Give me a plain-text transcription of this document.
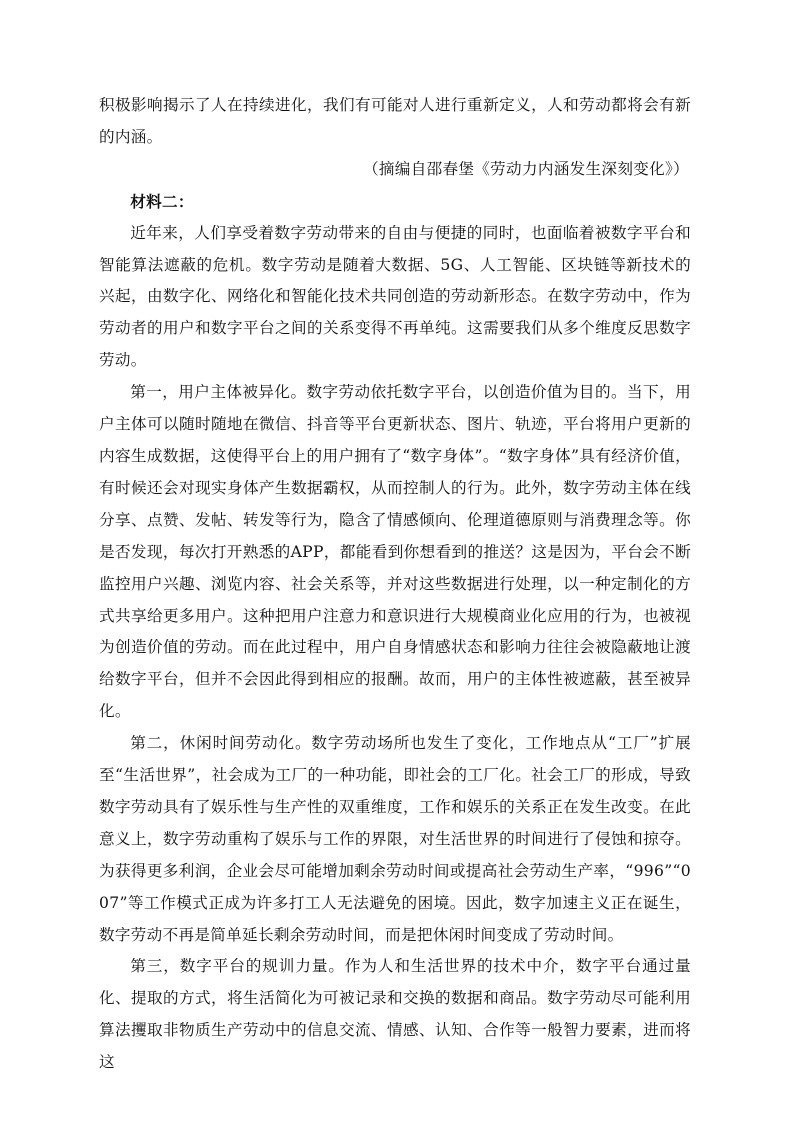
积极影响揭示了人在持续进化，我们有可能对人进行重新定义，人和劳动都将会有新的内涵。

（摘编自邵春堡《劳动力内涵发生深刻变化》）

材料二：

近年来，人们享受着数字劳动带来的自由与便捷的同时，也面临着被数字平台和智能算法遮蔽的危机。数字劳动是随着大数据、5G、人工智能、区块链等新技术的兴起，由数字化、网络化和智能化技术共同创造的劳动新形态。在数字劳动中，作为劳动者的用户和数字平台之间的关系变得不再单纯。这需要我们从多个维度反思数字劳动。

第一，用户主体被异化。数字劳动依托数字平台，以创造价值为目的。当下，用户主体可以随时随地在微信、抖音等平台更新状态、图片、轨迹，平台将用户更新的内容生成数据，这使得平台上的用户拥有了“数字身体”。“数字身体”具有经济价值，有时候还会对现实身体产生数据霸权，从而控制人的行为。此外，数字劳动主体在线分享、点赞、发帖、转发等行为，隐含了情感倾向、伦理道德原则与消费理念等。你是否发现，每次打开熟悉的APP，都能看到你想看到的推送？这是因为，平台会不断监控用户兴趣、浏览内容、社会关系等，并对这些数据进行处理，以一种定制化的方式共享给更多用户。这种把用户注意力和意识进行大规模商业化应用的行为，也被视为创造价值的劳动。而在此过程中，用户自身情感状态和影响力往往会被隐蔽地让渡给数字平台，但并不会因此得到相应的报酬。故而，用户的主体性被遮蔽，甚至被异化。

第二，休闲时间劳动化。数字劳动场所也发生了变化，工作地点从“工厂”扩展至“生活世界”，社会成为工厂的一种功能，即社会的工厂化。社会工厂的形成，导致数字劳动具有了娱乐性与生产性的双重维度，工作和娱乐的关系正在发生改变。在此意义上，数字劳动重构了娱乐与工作的界限，对生活世界的时间进行了侵蚀和掠夺。为获得更多利润，企业会尽可能增加剩余劳动时间或提高社会劳动生产率，“996”“007”等工作模式正成为许多打工人无法避免的困境。因此，数字加速主义正在诞生，数字劳动不再是简单延长剩余劳动时间，而是把休闲时间变成了劳动时间。

第三，数字平台的规训力量。作为人和生活世界的技术中介，数字平台通过量化、提取的方式，将生活简化为可被记录和交换的数据和商品。数字劳动尽可能利用算法攫取非物质生产劳动中的信息交流、情感、认知、合作等一般智力要素，进而将这
